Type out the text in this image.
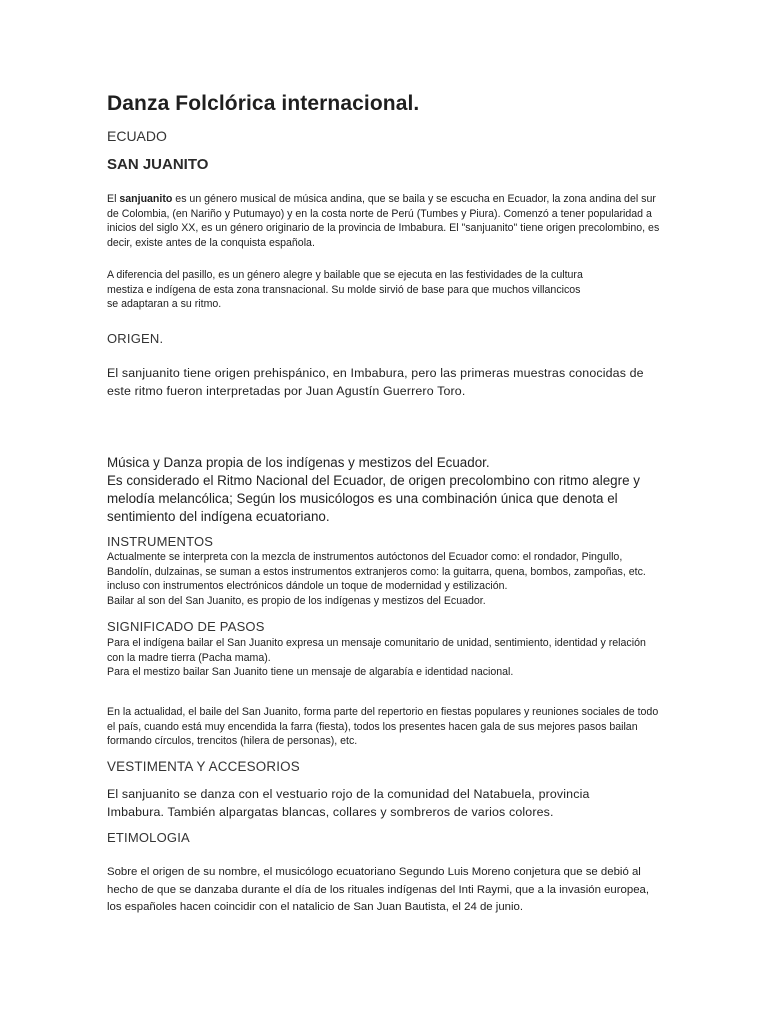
Danza Folclórica internacional.
ECUADO
SAN JUANITO

El sanjuanito es un género musical de música andina, que se baila y se escucha en Ecuador, la zona andina del sur de Colombia, (en Nariño y Putumayo) y en la costa norte de Perú (Tumbes y Piura). Comenzó a tener popularidad a inicios del siglo XX, es un género originario de la provincia de Imbabura. El "sanjuanito" tiene origen precolombino, es decir, existe antes de la conquista española.

A diferencia del pasillo, es un género alegre y bailable que se ejecuta en las festividades de la cultura mestiza e indígena de esta zona transnacional. Su molde sirvió de base para que muchos villancicos se adaptaran a su ritmo.

ORIGEN.

El sanjuanito tiene origen prehispánico, en Imbabura, pero las primeras muestras conocidas de este ritmo fueron interpretadas por Juan Agustín Guerrero Toro.

Música y Danza propia de los indígenas y mestizos del Ecuador.
Es considerado el Ritmo Nacional del Ecuador, de origen precolombino con ritmo alegre y melodía melancólica; Según los musicólogos es una combinación única que denota el sentimiento del indígena ecuatoriano.
INSTRUMENTOS
Actualmente se interpreta con la mezcla de instrumentos autóctonos del Ecuador como: el rondador, Pingullo, Bandolín, dulzainas, se suman a estos instrumentos extranjeros como: la guitarra, quena, bombos, zampoñas, etc. incluso con instrumentos electrónicos dándole un toque de modernidad y estilización.
Bailar al son del San Juanito, es propio de los indígenas y mestizos del Ecuador.
SIGNIFICADO DE PASOS
Para el indígena bailar el San Juanito expresa un mensaje comunitario de unidad, sentimiento, identidad y relación con la madre tierra (Pacha mama).
Para el mestizo bailar San Juanito tiene un mensaje de algarabía e identidad nacional.

En la actualidad, el baile del San Juanito, forma parte del repertorio en fiestas populares y reuniones sociales de todo el país, cuando está muy encendida la farra (fiesta), todos los presentes hacen gala de sus mejores pasos bailan formando círculos, trencitos (hilera de personas), etc.

VESTIMENTA Y ACCESORIOS

El sanjuanito se danza con el vestuario rojo de la comunidad del Natabuela, provincia Imbabura. También alpargatas blancas, collares y sombreros de varios colores.

ETIMOLOGIA

Sobre el origen de su nombre, el musicólogo ecuatoriano Segundo Luis Moreno conjetura que se debió al hecho de que se danzaba durante el día de los rituales indígenas del Inti Raymi, que a la invasión europea, los españoles hacen coincidir con el natalicio de San Juan Bautista, el 24 de junio.
